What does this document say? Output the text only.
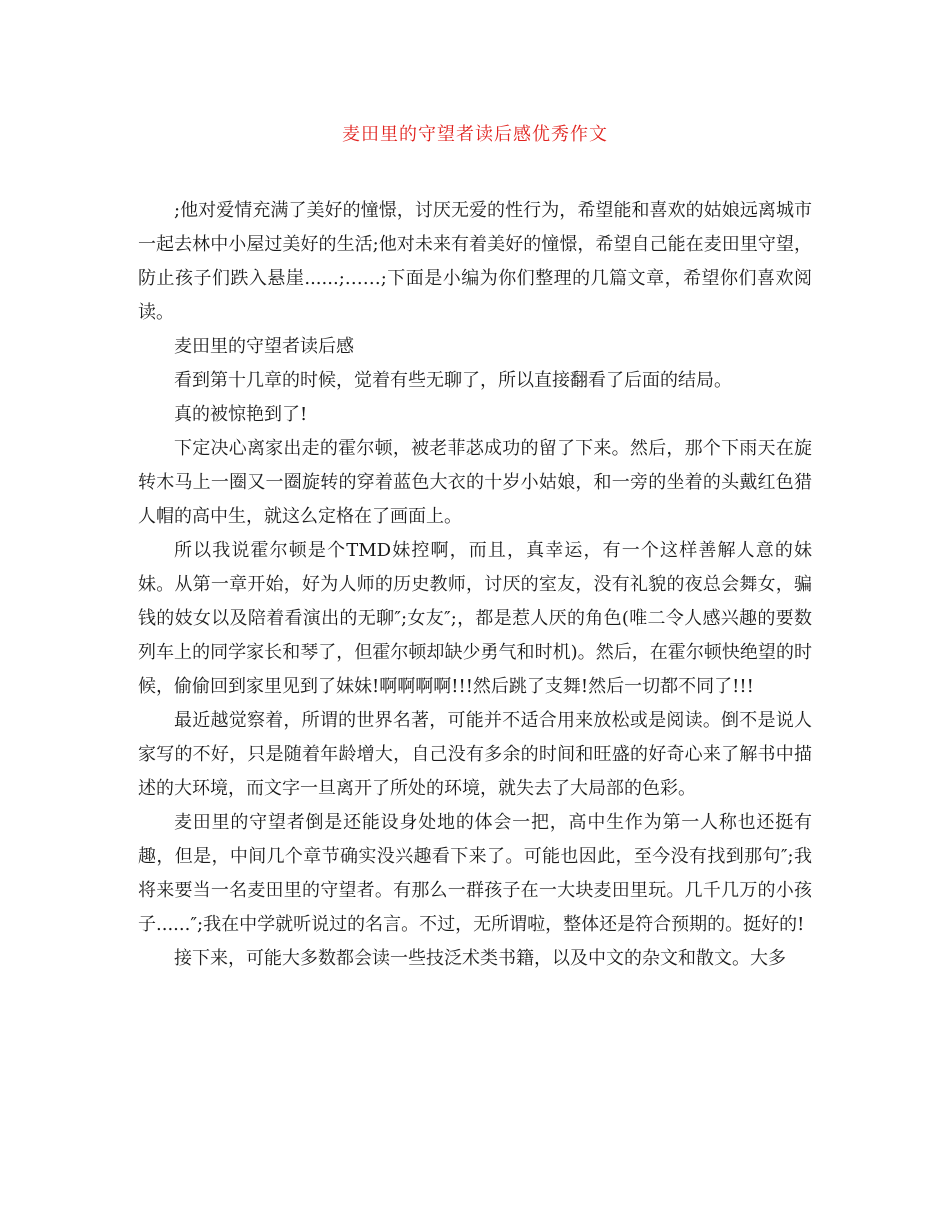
麦田里的守望者读后感优秀作文

;他对爱情充满了美好的憧憬，讨厌无爱的性行为，希望能和喜欢的姑娘远离城市一起去林中小屋过美好的生活;他对未来有着美好的憧憬，希望自己能在麦田里守望，防止孩子们跌入悬崖......;……;下面是小编为你们整理的几篇文章，希望你们喜欢阅读。

麦田里的守望者读后感

看到第十几章的时候，觉着有些无聊了，所以直接翻看了后面的结局。

真的被惊艳到了!

下定决心离家出走的霍尔顿，被老菲苾成功的留了下来。然后，那个下雨天在旋转木马上一圈又一圈旋转的穿着蓝色大衣的十岁小姑娘，和一旁的坐着的头戴红色猎人帽的高中生，就这么定格在了画面上。

所以我说霍尔顿是个TMD妹控啊，而且，真幸运，有一个这样善解人意的妹妹。从第一章开始，好为人师的历史教师，讨厌的室友，没有礼貌的夜总会舞女，骗钱的妓女以及陪着看演出的无聊″;女友″;，都是惹人厌的角色(唯二令人感兴趣的要数列车上的同学家长和琴了，但霍尔顿却缺少勇气和时机)。然后，在霍尔顿快绝望的时候，偷偷回到家里见到了妹妹!啊啊啊啊!!!然后跳了支舞!然后一切都不同了!!!

最近越觉察着，所谓的世界名著，可能并不适合用来放松或是阅读。倒不是说人家写的不好，只是随着年龄增大，自己没有多余的时间和旺盛的好奇心来了解书中描述的大环境，而文字一旦离开了所处的环境，就失去了大局部的色彩。

麦田里的守望者倒是还能设身处地的体会一把，高中生作为第一人称也还挺有趣，但是，中间几个章节确实没兴趣看下来了。可能也因此，至今没有找到那句″;我将来要当一名麦田里的守望者。有那么一群孩子在一大块麦田里玩。几千几万的小孩子......″;我在中学就听说过的名言。不过，无所谓啦，整体还是符合预期的。挺好的!

接下来，可能大多数都会读一些技泛术类书籍，以及中文的杂文和散文。大多
